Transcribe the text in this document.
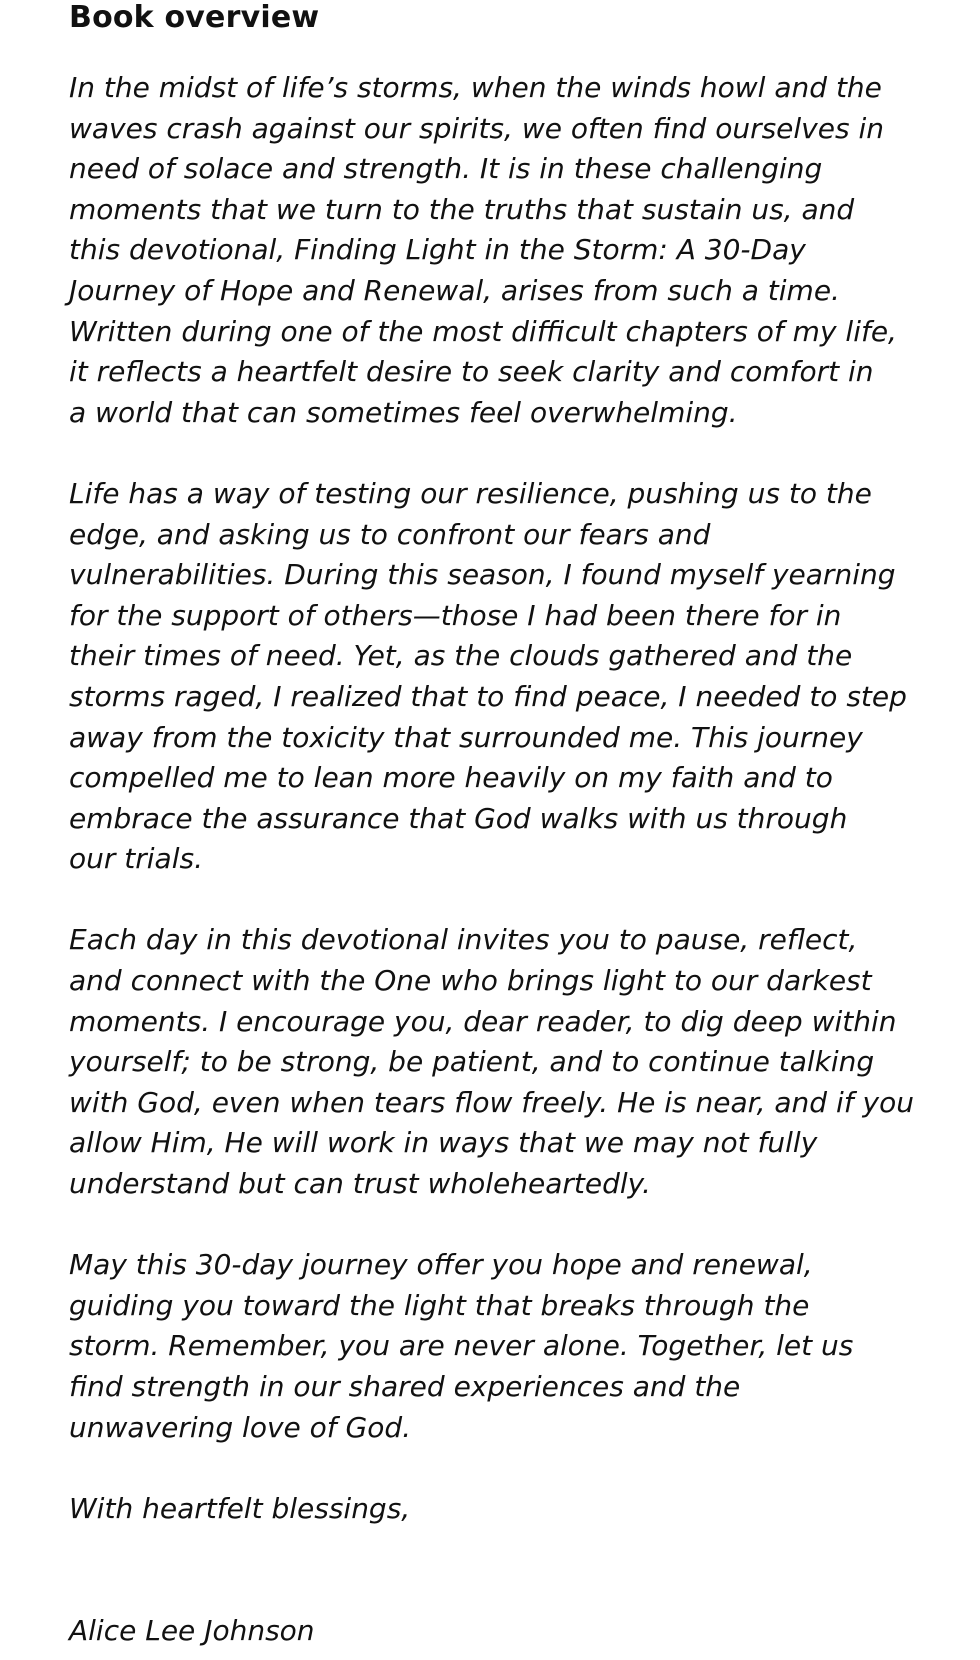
Book overview

In the midst of life’s storms, when the winds howl and the
waves crash against our spirits, we often find ourselves in
need of solace and strength. It is in these challenging
moments that we turn to the truths that sustain us, and
this devotional, Finding Light in the Storm: A 30-Day
Journey of Hope and Renewal, arises from such a time.
Written during one of the most difficult chapters of my life,
it reflects a heartfelt desire to seek clarity and comfort in
a world that can sometimes feel overwhelming.

Life has a way of testing our resilience, pushing us to the
edge, and asking us to confront our fears and
vulnerabilities. During this season, I found myself yearning
for the support of others—those I had been there for in
their times of need. Yet, as the clouds gathered and the
storms raged, I realized that to find peace, I needed to step
away from the toxicity that surrounded me. This journey
compelled me to lean more heavily on my faith and to
embrace the assurance that God walks with us through
our trials.

Each day in this devotional invites you to pause, reflect,
and connect with the One who brings light to our darkest
moments. I encourage you, dear reader, to dig deep within
yourself; to be strong, be patient, and to continue talking
with God, even when tears flow freely. He is near, and if you
allow Him, He will work in ways that we may not fully
understand but can trust wholeheartedly.

May this 30-day journey offer you hope and renewal,
guiding you toward the light that breaks through the
storm. Remember, you are never alone. Together, let us
find strength in our shared experiences and the
unwavering love of God.

With heartfelt blessings,

Alice Lee Johnson
